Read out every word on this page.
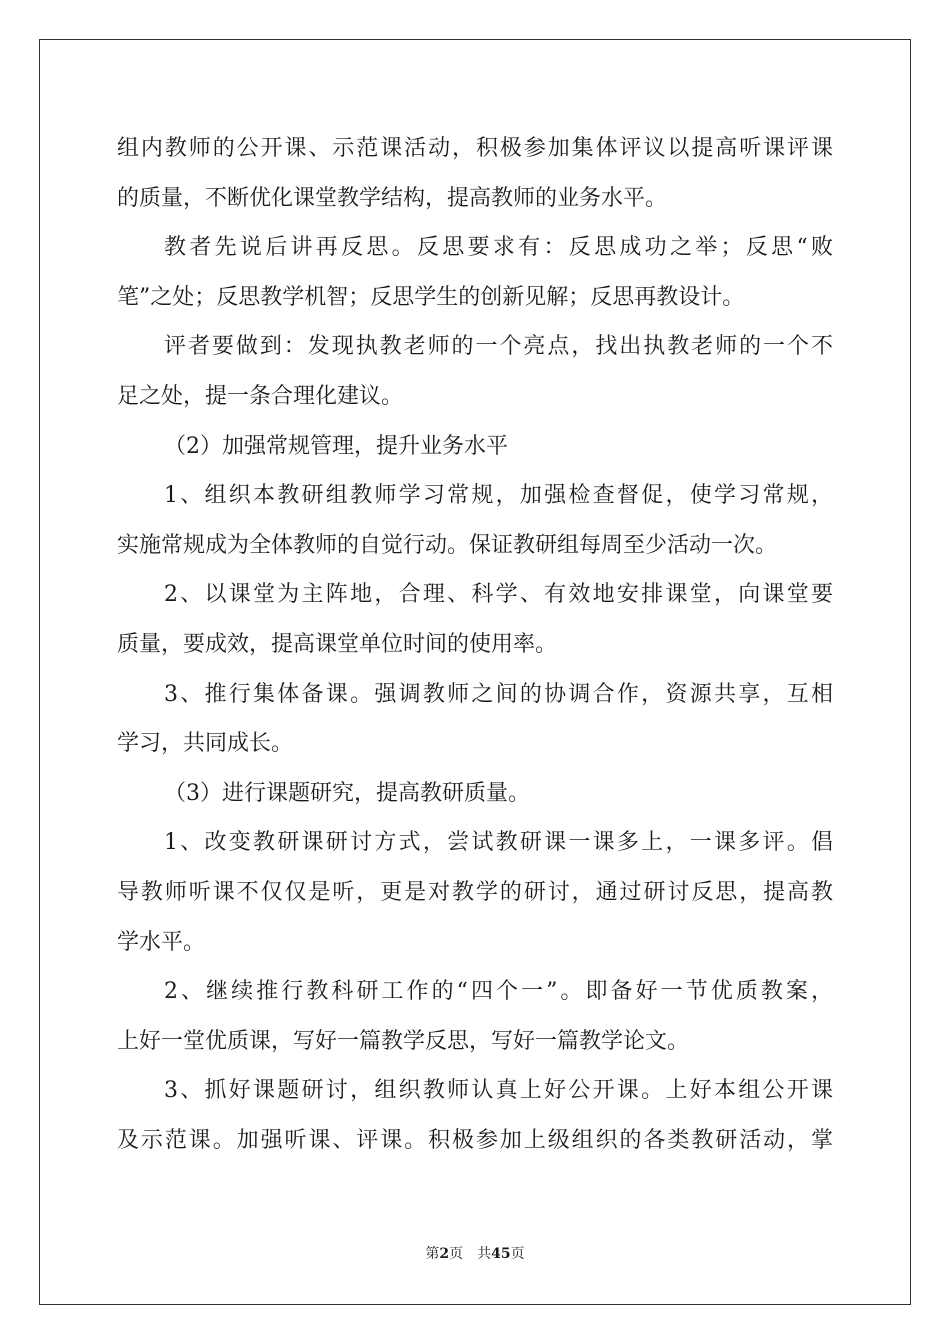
组内教师的公开课、示范课活动，积极参加集体评议以提高听课评课
的质量，不断优化课堂教学结构，提高教师的业务水平。
教者先说后讲再反思。反思要求有：反思成功之举；反思“败
笔”之处；反思教学机智；反思学生的创新见解；反思再教设计。
评者要做到：发现执教老师的一个亮点，找出执教老师的一个不
足之处，提一条合理化建议。
（2）加强常规管理，提升业务水平
1、组织本教研组教师学习常规，加强检查督促，使学习常规，
实施常规成为全体教师的自觉行动。保证教研组每周至少活动一次。
2、以课堂为主阵地，合理、科学、有效地安排课堂，向课堂要
质量，要成效，提高课堂单位时间的使用率。
3、推行集体备课。强调教师之间的协调合作，资源共享，互相
学习，共同成长。
（3）进行课题研究，提高教研质量。
1、改变教研课研讨方式，尝试教研课一课多上，一课多评。倡
导教师听课不仅仅是听，更是对教学的研讨，通过研讨反思，提高教
学水平。
2、继续推行教科研工作的“四个一”。即备好一节优质教案，
上好一堂优质课，写好一篇教学反思，写好一篇教学论文。
3、抓好课题研讨，组织教师认真上好公开课。上好本组公开课
及示范课。加强听课、评课。积极参加上级组织的各类教研活动，掌
第2页 共45页
